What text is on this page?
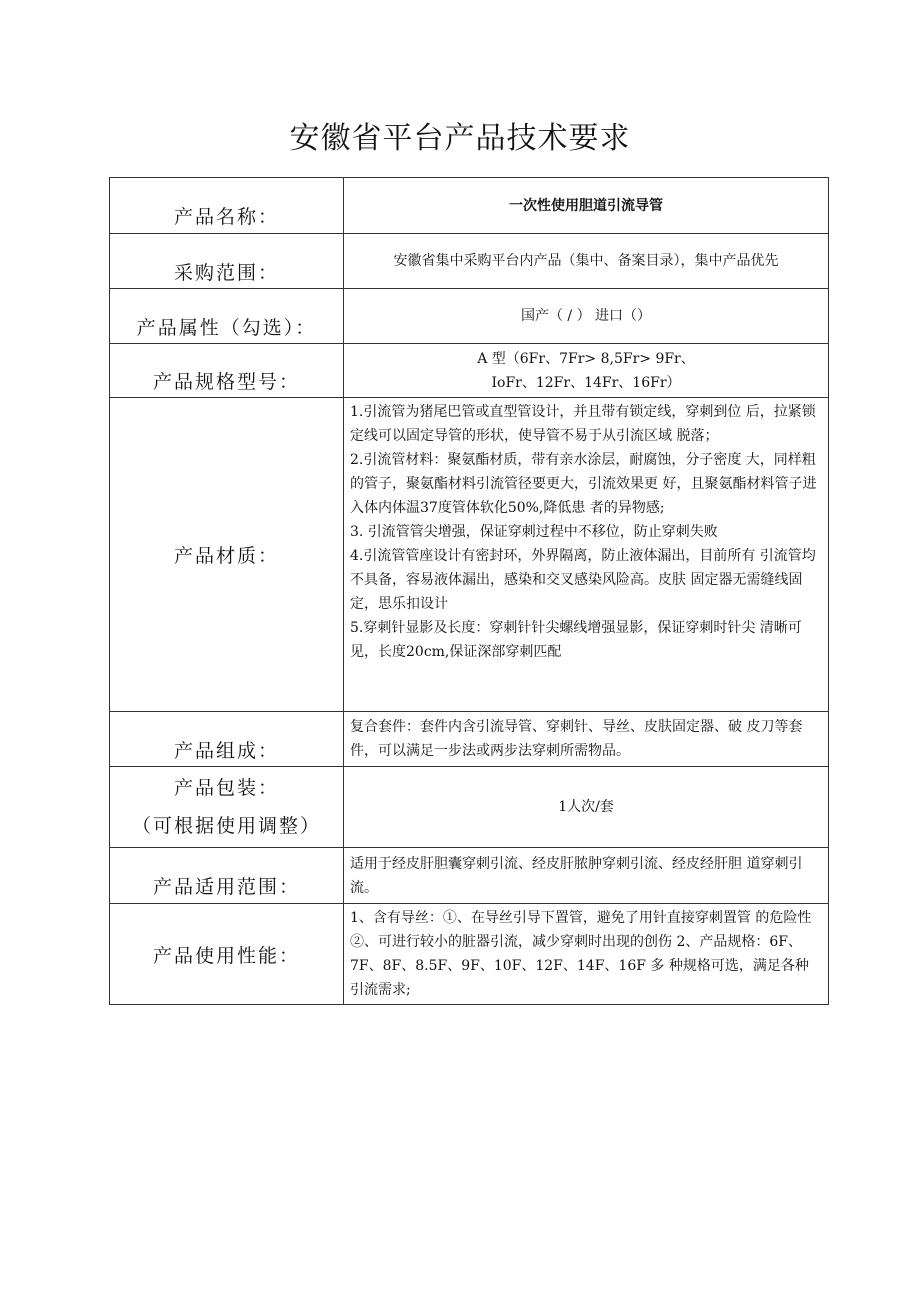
安徽省平台产品技术要求
产品名称：	一次性使用胆道引流导管

采购范围：	安徽省集中采购平台内产品（集中、备案目录），集中产品优先

产品属性（勾选）：	国产（ / ） 进口（）

产品规格型号：	A 型（6Fr、7Fr> 8,5Fr> 9Fr、
IoFr、12Fr、14Fr、16Fr）

产品材质：	1.引流管为猪尾巴管或直型管设计，并且带有锁定线，穿刺到位 后，拉紧锁定线可以固定导管的形状，使导管不易于从引流区域 脱落；
2.引流管材料：聚氨酯材质，带有亲水涂层，耐腐蚀，分子密度 大，同样粗的管子，聚氨酯材料引流管径要更大，引流效果更 好，且聚氨酯材料管子进入体内体温37度管体软化50%,降低患 者的异物感;
3. 引流管管尖增强，保证穿刺过程中不移位，防止穿刺失败
4.引流管管座设计有密封环，外界隔离，防止液体漏出，目前所有 引流管均不具备，容易液体漏出，感染和交叉感染风险高。皮肤 固定器无需缝线固定，思乐扣设计
5.穿刺针显影及长度：穿刺针针尖螺线增强显影，保证穿刺时针尖 清晰可见，长度20cm,保证深部穿刺匹配

产品组成：	复合套件：套件内含引流导管、穿刺针、导丝、皮肤固定器、破 皮刀等套件，可以满足一步法或两步法穿刺所需物品。

产品包装：
（可根据使用调整）	1人次/套

产品适用范围：	适用于经皮肝胆囊穿刺引流、经皮肝脓肿穿刺引流、经皮经肝胆 道穿刺引流。
产品使用性能：	1、含有导丝：①、在导丝引导下置管，避免了用针直接穿刺置管 的危险性②、可进行较小的脏器引流，减少穿刺时出现的创伤 2、产品规格：6F、7F、8F、8.5F、9F、10F、12F、14F、16F 多 种规格可选，满足各种引流需求;
